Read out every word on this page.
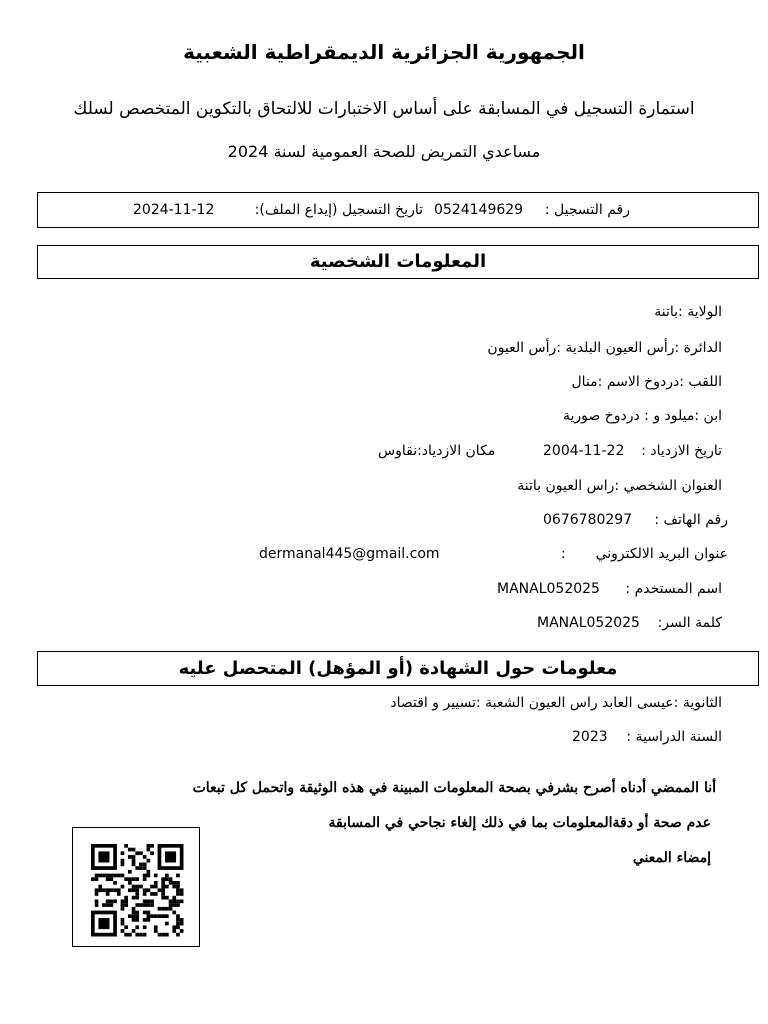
الجمهورية الجزائرية الديمقراطية الشعبية
استمارة التسجيل في المسابقة على أساس الاختبارات للالتحاق بالتكوين المتخصص لسلك
مساعدي التمريض للصحة العمومية لسنة 2024
رقم التسجيل :
0524149629
تاريخ التسجيل (إيداع الملف):
2024-11-12
المعلومات الشخصية
الولاية :باتنة
الدائرة :رأس العيون البلدية :رأس العيون
اللقب :دردوخ الاسم :منال
ابن :ميلود و : دردوخ صورية
تاريخ الازدياد :
2004-11-22
مكان الازدياد:نقاوس
العنوان الشخصي :راس العيون باتنة
رقم الهاتف :
0676780297
عنوان البريد الالكتروني
:
dermanal445@gmail.com
اسم المستخدم :
MANAL052025
كلمة السر:
MANAL052025
معلومات حول الشهادة (أو المؤهل) المتحصل عليه
الثانوية :عيسى العابد راس العيون الشعبة :تسيير و اقتصاد
السنة الدراسية :
2023
أنا الممضي أدناه أصرح بشرفي بصحة المعلومات المبينة في هذه الوثيقة واتحمل كل تبعات
عدم صحة أو دقةالمعلومات بما في ذلك إلغاء نجاحي في المسابقة
إمضاء المعني
